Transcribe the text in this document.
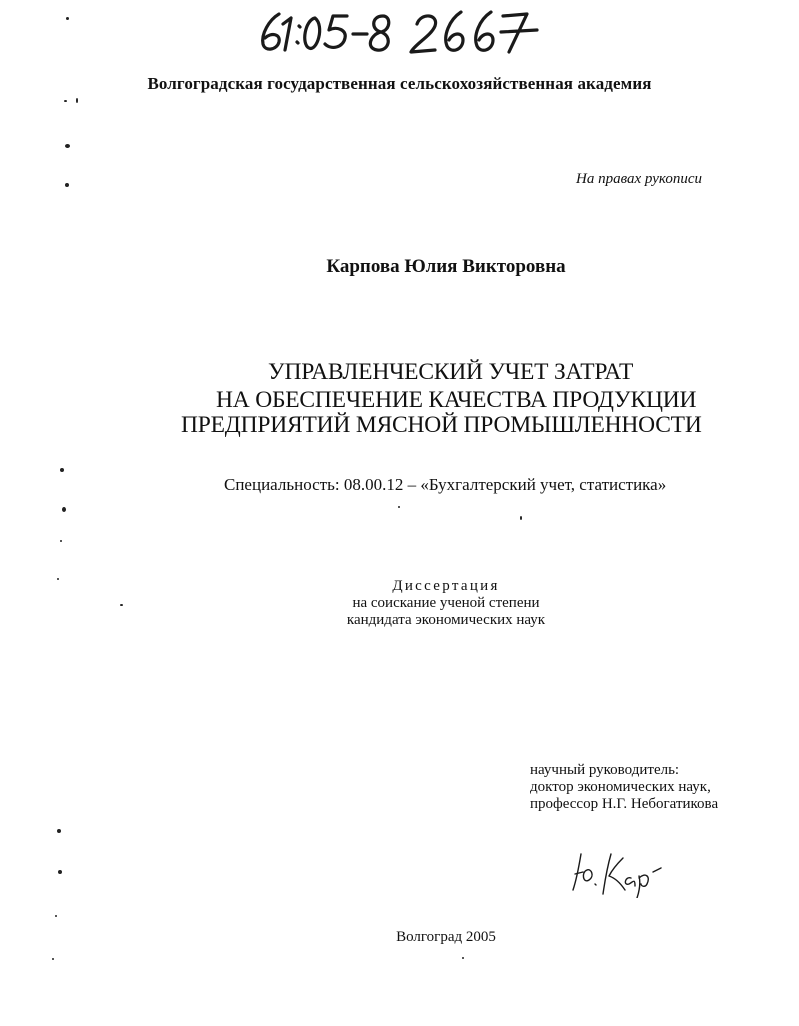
Волгоградская государственная сельскохозяйственная академия
На правах рукописи
Карпова Юлия Викторовна
УПРАВЛЕНЧЕСКИЙ УЧЕТ ЗАТРАТ
НА ОБЕСПЕЧЕНИЕ КАЧЕСТВА ПРОДУКЦИИ
ПРЕДПРИЯТИЙ МЯСНОЙ ПРОМЫШЛЕННОСТИ
Специальность: 08.00.12 – «Бухгалтерский учет, статистика»
Диссертация
на соискание ученой степени
кандидата экономических наук
научный руководитель:
доктор экономических наук,
профессор Н.Г. Небогатикова
Волгоград 2005
